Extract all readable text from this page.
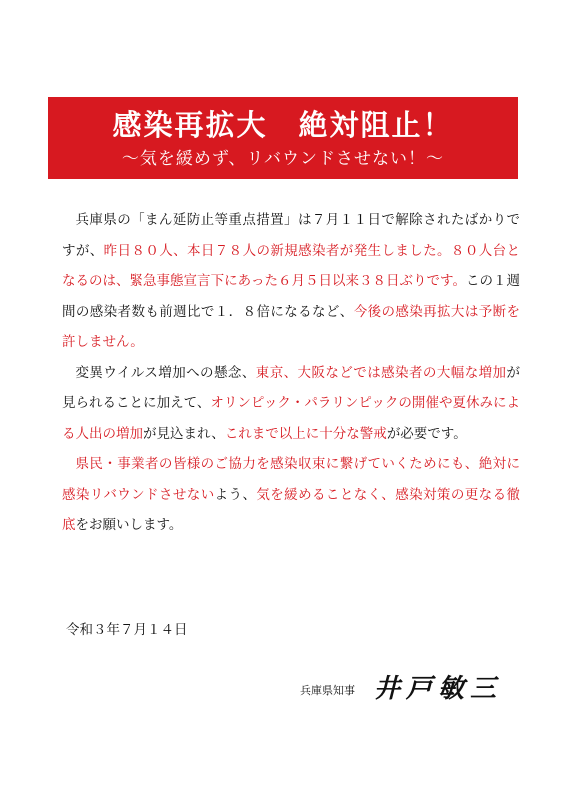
感染再拡大　絶対阻止！
～気を緩めず、リバウンドさせない！～

兵庫県の「まん延防止等重点措置」は７月１１日で解除されたばかりですが、昨日８０人、本日７８人の新規感染者が発生しました。８０人台となるのは、緊急事態宣言下にあった６月５日以来３８日ぶりです。この１週間の感染者数も前週比で１．８倍になるなど、今後の感染再拡大は予断を許しません。

変異ウイルス増加への懸念、東京、大阪などでは感染者の大幅な増加が見られることに加えて、オリンピック・パラリンピックの開催や夏休みによる人出の増加が見込まれ、これまで以上に十分な警戒が必要です。

県民・事業者の皆様のご協力を感染収束に繋げていくためにも、絶対に感染リバウンドさせないよう、気を緩めることなく、感染対策の更なる徹底をお願いします。

令和３年７月１４日
兵庫県知事 井戸敏三
